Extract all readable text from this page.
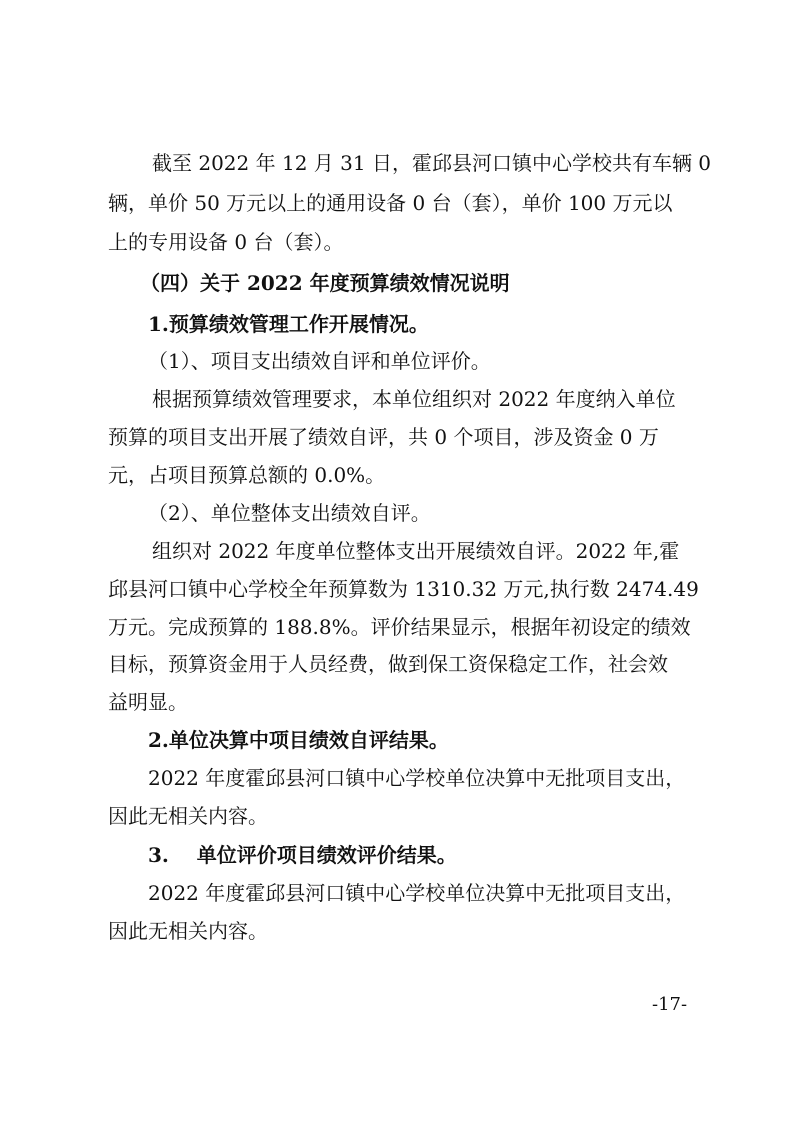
截至 2022 年 12 月 31 日，霍邱县河口镇中心学校共有车辆 0
辆，单价 50 万元以上的通用设备 0 台（套），单价 100 万元以
上的专用设备 0 台（套）。
（四）关于 2022 年度预算绩效情况说明
1.预算绩效管理工作开展情况。
（1）、项目支出绩效自评和单位评价。
根据预算绩效管理要求，本单位组织对 2022 年度纳入单位
预算的项目支出开展了绩效自评，共 0 个项目，涉及资金 0 万
元，占项目预算总额的 0.0%。
（2）、单位整体支出绩效自评。
组织对 2022 年度单位整体支出开展绩效自评。2022 年,霍
邱县河口镇中心学校全年预算数为 1310.32 万元,执行数 2474.49
万元。完成预算的 188.8%。评价结果显示，根据年初设定的绩效
目标，预算资金用于人员经费，做到保工资保稳定工作，社会效
益明显。
2.单位决算中项目绩效自评结果。
2022 年度霍邱县河口镇中心学校单位决算中无批项目支出，
因此无相关内容。
3.    单位评价项目绩效评价结果。
2022 年度霍邱县河口镇中心学校单位决算中无批项目支出，
因此无相关内容。
-17-
